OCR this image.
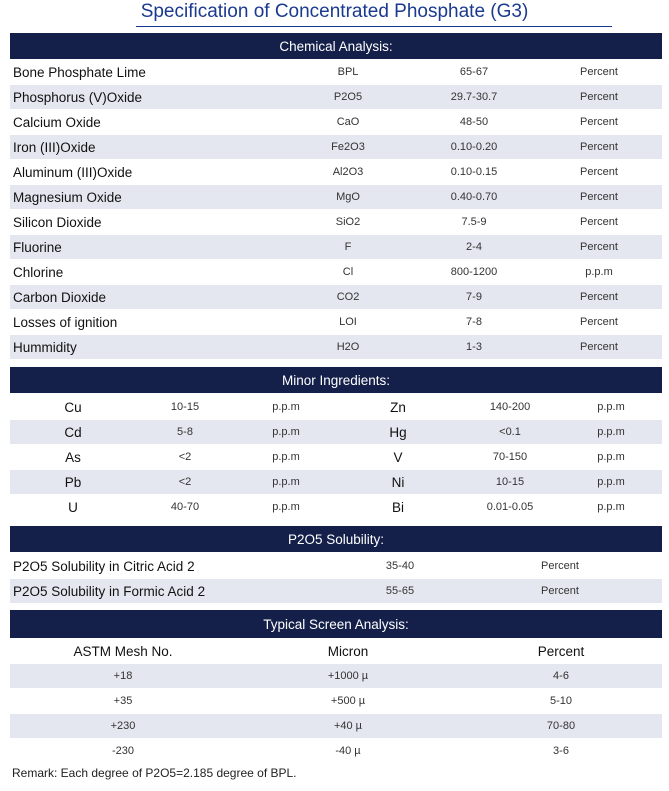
Specification of Concentrated Phosphate (G3)
Chemical Analysis:
Bone Phosphate Lime	BPL	65-67	Percent
Phosphorus (V)Oxide	P2O5	29.7-30.7	Percent
Calcium Oxide	CaO	48-50	Percent
Iron (III)Oxide	Fe2O3	0.10-0.20	Percent
Aluminum (III)Oxide	Al2O3	0.10-0.15	Percent
Magnesium Oxide	MgO	0.40-0.70	Percent
Silicon Dioxide	SiO2	7.5-9	Percent
Fluorine	F	2-4	Percent
Chlorine	Cl	800-1200	p.p.m
Carbon Dioxide	CO2	7-9	Percent
Losses of ignition	LOI	7-8	Percent
Hummidity	H2O	1-3	Percent
Minor Ingredients:
Cu	10-15	p.p.m	Zn	140-200	p.p.m
Cd	5-8	p.p.m	Hg	<0.1	p.p.m
As	<2	p.p.m	V	70-150	p.p.m
Pb	<2	p.p.m	Ni	10-15	p.p.m
U	40-70	p.p.m	Bi	0.01-0.05	p.p.m
P2O5 Solubility:
P2O5 Solubility in Citric Acid 2	35-40	Percent
P2O5 Solubility in Formic Acid 2	55-65	Percent
Typical Screen Analysis:
ASTM Mesh No.	Micron	Percent
+18	+1000 µ	4-6
+35	+500 µ	5-10
+230	+40 µ	70-80
-230	-40 µ	3-6
Remark: Each degree of P2O5=2.185 degree of BPL.
